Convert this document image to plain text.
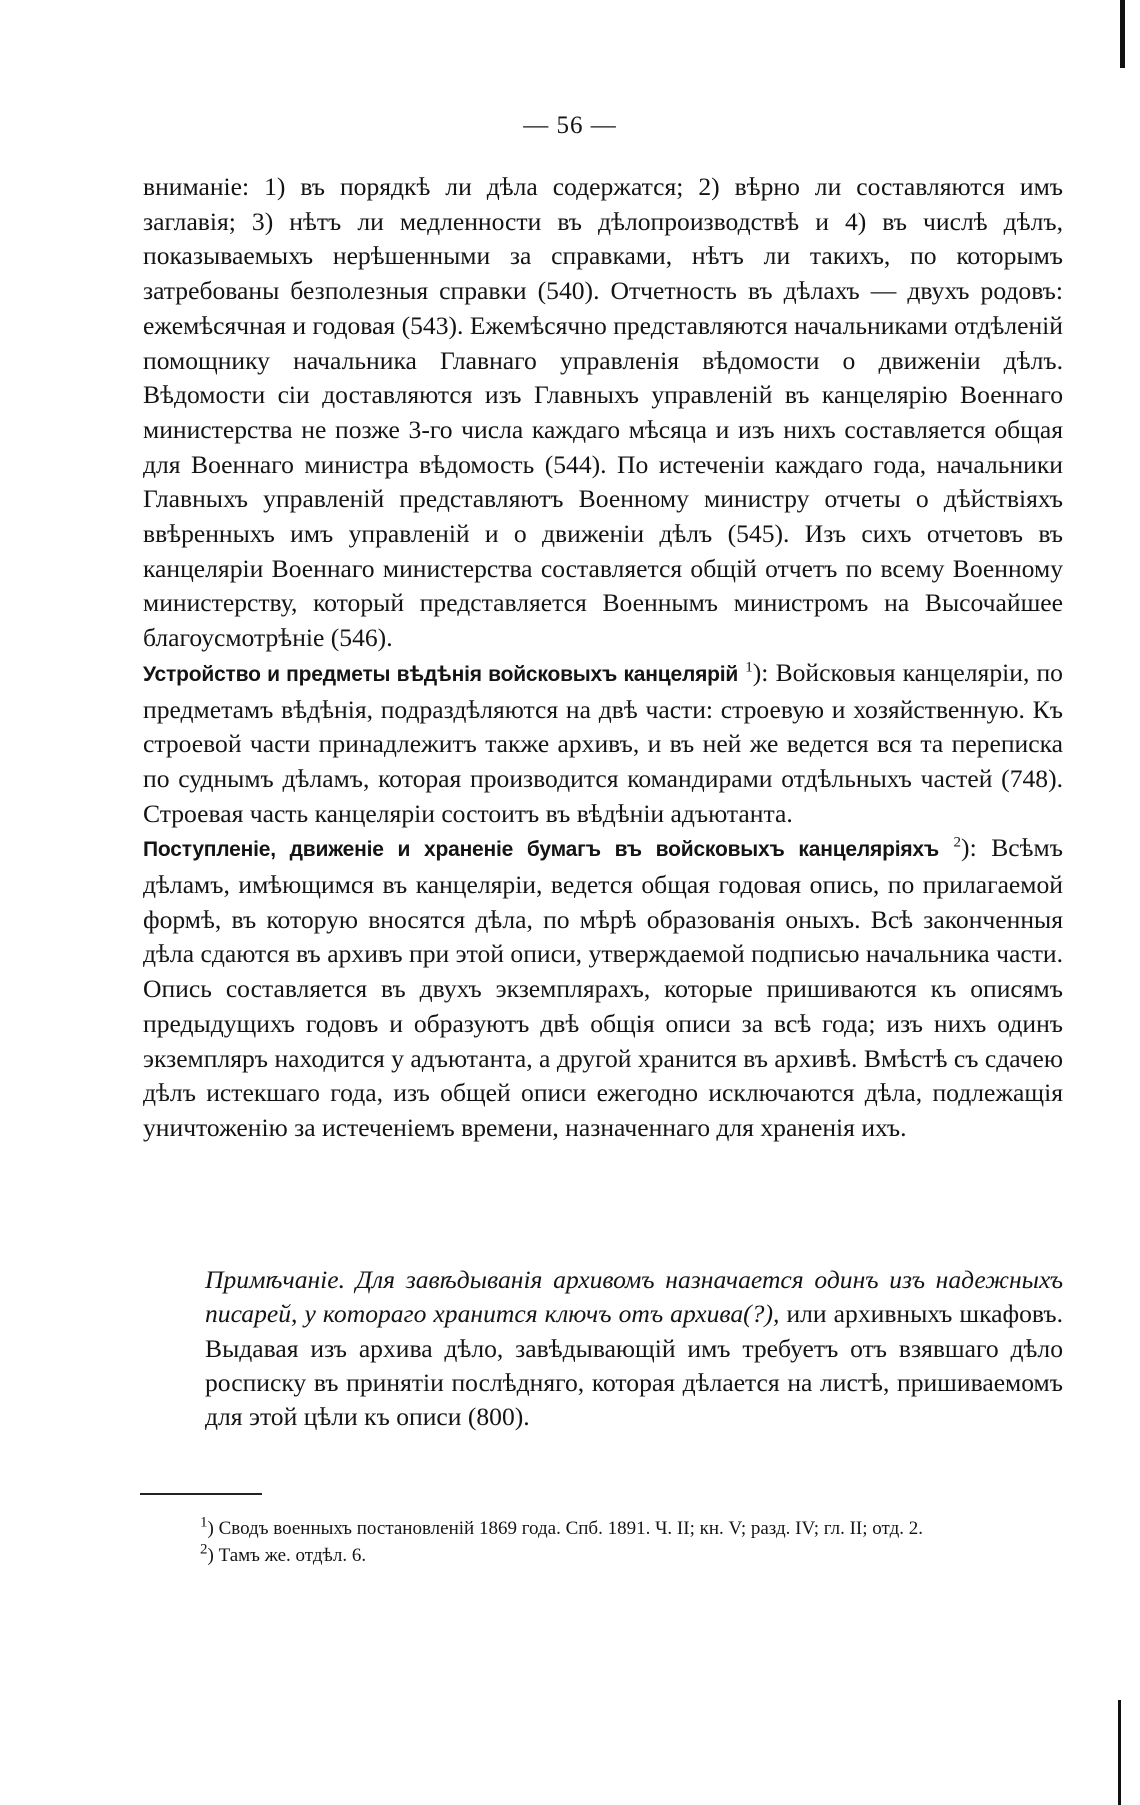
— 56 —

вниманіе: 1) въ порядкѣ ли дѣла содержатся; 2) вѣрно ли составляются имъ заглавія; 3) нѣтъ ли медленности въ дѣлопроизводствѣ и 4) въ числѣ дѣлъ, показываемыхъ нерѣшенными за справками, нѣтъ ли такихъ, по которымъ затребованы безполезныя справки (540). Отчетность въ дѣлахъ — двухъ родовъ: ежемѣсячная и годовая (543). Ежемѣсячно представляются начальниками отдѣленій помощнику начальника Главнаго управленія вѣдомости о движеніи дѣлъ. Вѣдомости сіи доставляются изъ Главныхъ управленій въ канцелярію Военнаго министерства не позже 3-го числа каждаго мѣсяца и изъ нихъ составляется общая для Военнаго министра вѣдомость (544). По истеченіи каждаго года, начальники Главныхъ управленій представляютъ Военному министру отчеты о дѣйствіяхъ ввѣренныхъ имъ управленій и о движеніи дѣлъ (545). Изъ сихъ отчетовъ въ канцеляріи Военнаго министерства составляется общій отчетъ по всему Военному министерству, который представляется Военнымъ министромъ на Высочайшее благоусмотрѣніе (546).

Устройство и предметы вѣдѣнія войсковыхъ канцелярій $^1$): Войсковыя канцеляріи, по предметамъ вѣдѣнія, подраздѣляются на двѣ части: строевую и хозяйственную. Къ строевой части принадлежитъ также архивъ, и въ ней же ведется вся та переписка по суднымъ дѣламъ, которая производится командирами отдѣльныхъ частей (748). Строевая часть канцеляріи состоитъ въ вѣдѣніи адъютанта.

Поступленіе, движеніе и храненіе бумагъ въ войсковыхъ канцеляріяхъ $^2$): Всѣмъ дѣламъ, имѣющимся въ канцеляріи, ведется общая годовая опись, по прилагаемой формѣ, въ которую вносятся дѣла, по мѣрѣ образованія оныхъ. Всѣ законченныя дѣла сдаются въ архивъ при этой описи, утверждаемой подписью начальника части. Опись составляется въ двухъ экземплярахъ, которые пришиваются къ описямъ предыдущихъ годовъ и образуютъ двѣ общія описи за всѣ года; изъ нихъ одинъ экземпляръ находится у адъютанта, а другой хранится въ архивѣ. Вмѣстѣ съ сдачею дѣлъ истекшаго года, изъ общей описи ежегодно исключаются дѣла, подлежащія уничтоженію за истеченіемъ времени, назначеннаго для храненія ихъ.

Примѣчаніе. Для завѣдыванія архивомъ назначается одинъ изъ надежныхъ писарей, у котораго хранится ключъ отъ архива(?), или архивныхъ шкафовъ. Выдавая изъ архива дѣло, завѣдывающій имъ требуетъ отъ взявшаго дѣло росписку въ принятіи послѣдняго, которая дѣлается на листѣ, пришиваемомъ для этой цѣли къ описи (800).

$^1$) Сводъ военныхъ постановленій 1869 года. Спб. 1891. Ч. II; кн. V; разд. IV; гл. II; отд. 2.

$^2$) Тамъ же. отдѣл. 6.
